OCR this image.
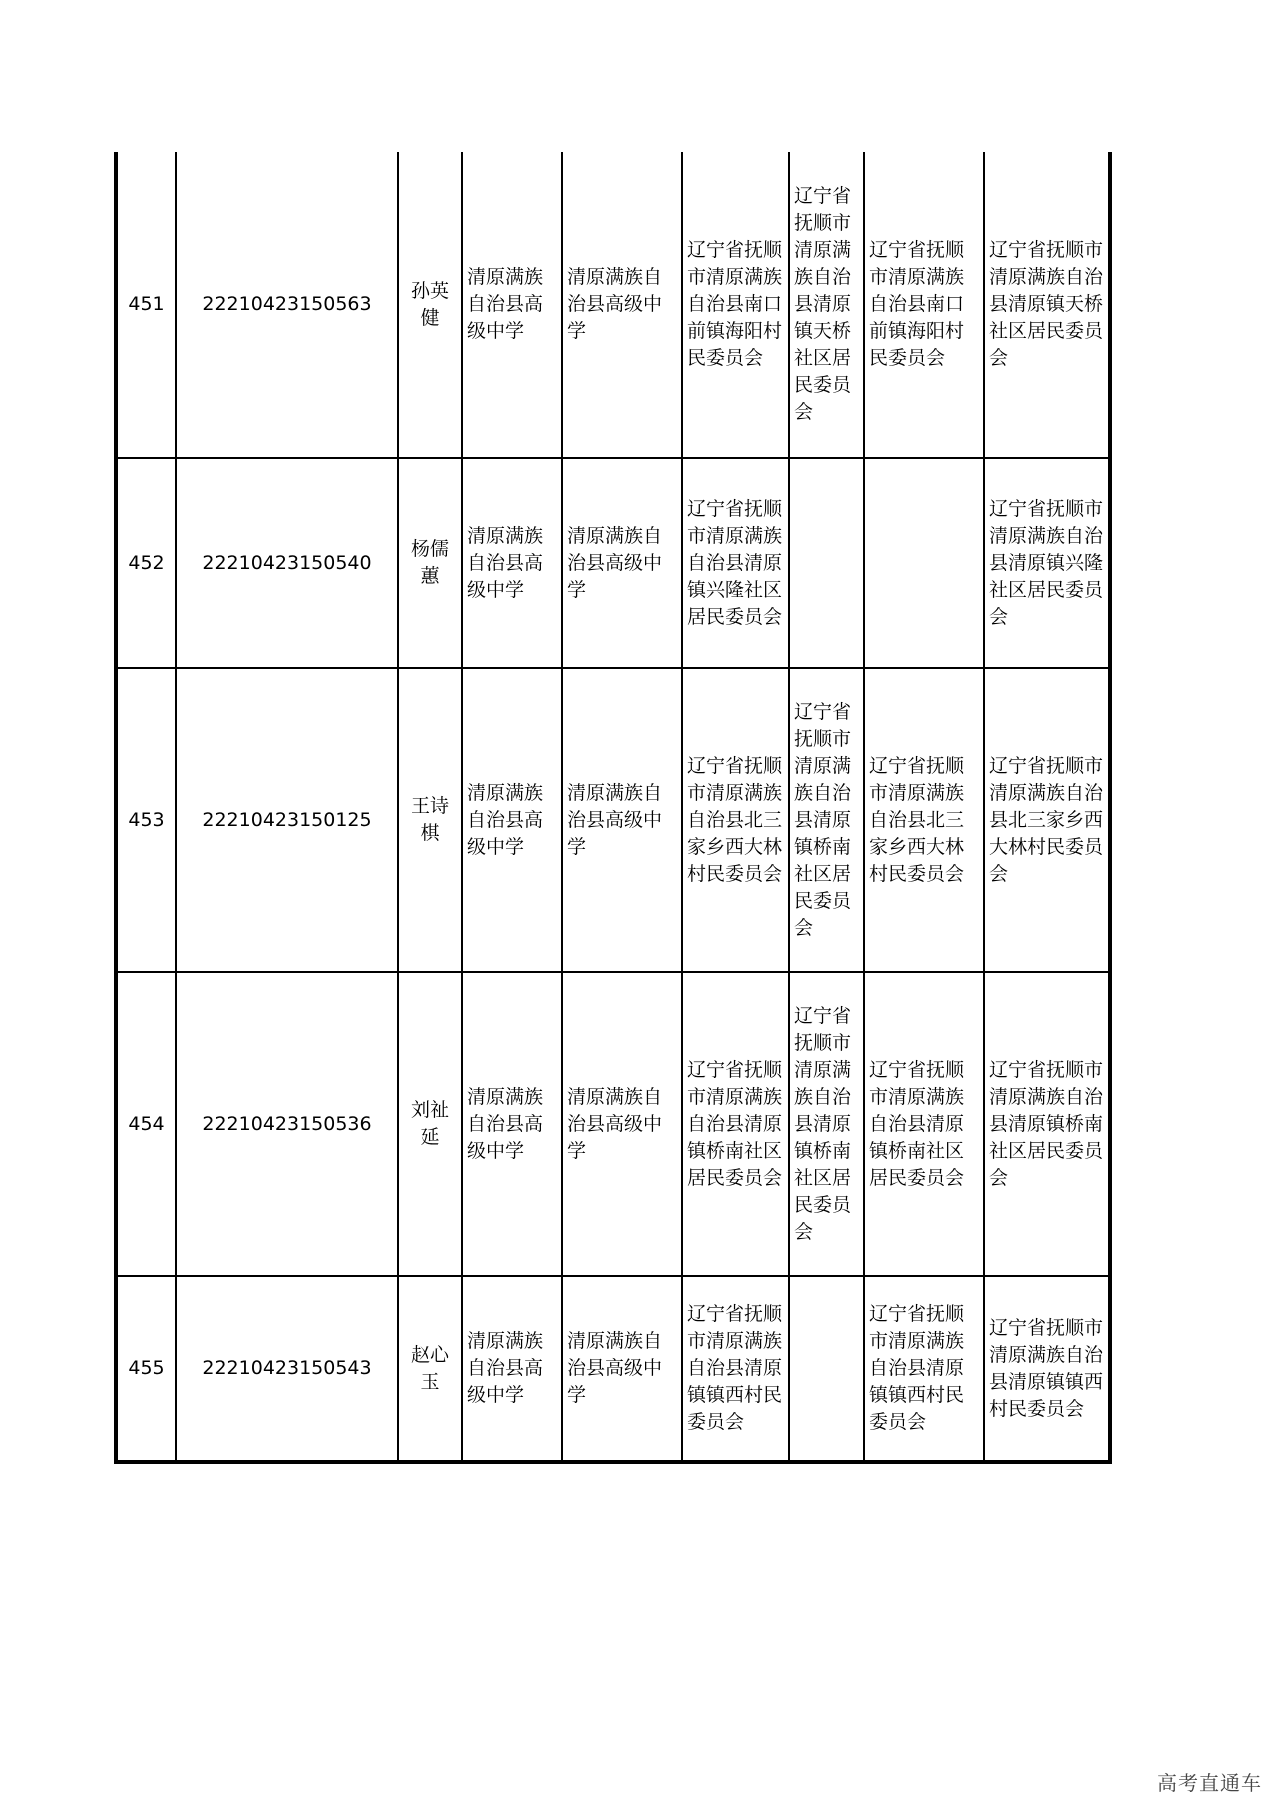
451	22210423150563	孙英健	清原满族自治县高级中学	清原满族自治县高级中学	辽宁省抚顺市清原满族自治县南口前镇海阳村民委员会	辽宁省抚顺市清原满族自治县清原镇天桥社区居民委员会	辽宁省抚顺市清原满族自治县南口前镇海阳村民委员会	辽宁省抚顺市清原满族自治县清原镇天桥社区居民委员会
452	22210423150540	杨儒蕙	清原满族自治县高级中学	清原满族自治县高级中学	辽宁省抚顺市清原满族自治县清原镇兴隆社区居民委员会			辽宁省抚顺市清原满族自治县清原镇兴隆社区居民委员会
453	22210423150125	王诗棋	清原满族自治县高级中学	清原满族自治县高级中学	辽宁省抚顺市清原满族自治县北三家乡西大林村民委员会	辽宁省抚顺市清原满族自治县清原镇桥南社区居民委员会	辽宁省抚顺市清原满族自治县北三家乡西大林村民委员会	辽宁省抚顺市清原满族自治县北三家乡西大林村民委员会
454	22210423150536	刘祉延	清原满族自治县高级中学	清原满族自治县高级中学	辽宁省抚顺市清原满族自治县清原镇桥南社区居民委员会	辽宁省抚顺市清原满族自治县清原镇桥南社区居民委员会	辽宁省抚顺市清原满族自治县清原镇桥南社区居民委员会	辽宁省抚顺市清原满族自治县清原镇桥南社区居民委员会
455	22210423150543	赵心玉	清原满族自治县高级中学	清原满族自治县高级中学	辽宁省抚顺市清原满族自治县清原镇镇西村民委员会		辽宁省抚顺市清原满族自治县清原镇镇西村民委员会	辽宁省抚顺市清原满族自治县清原镇镇西村民委员会
高考直通车
